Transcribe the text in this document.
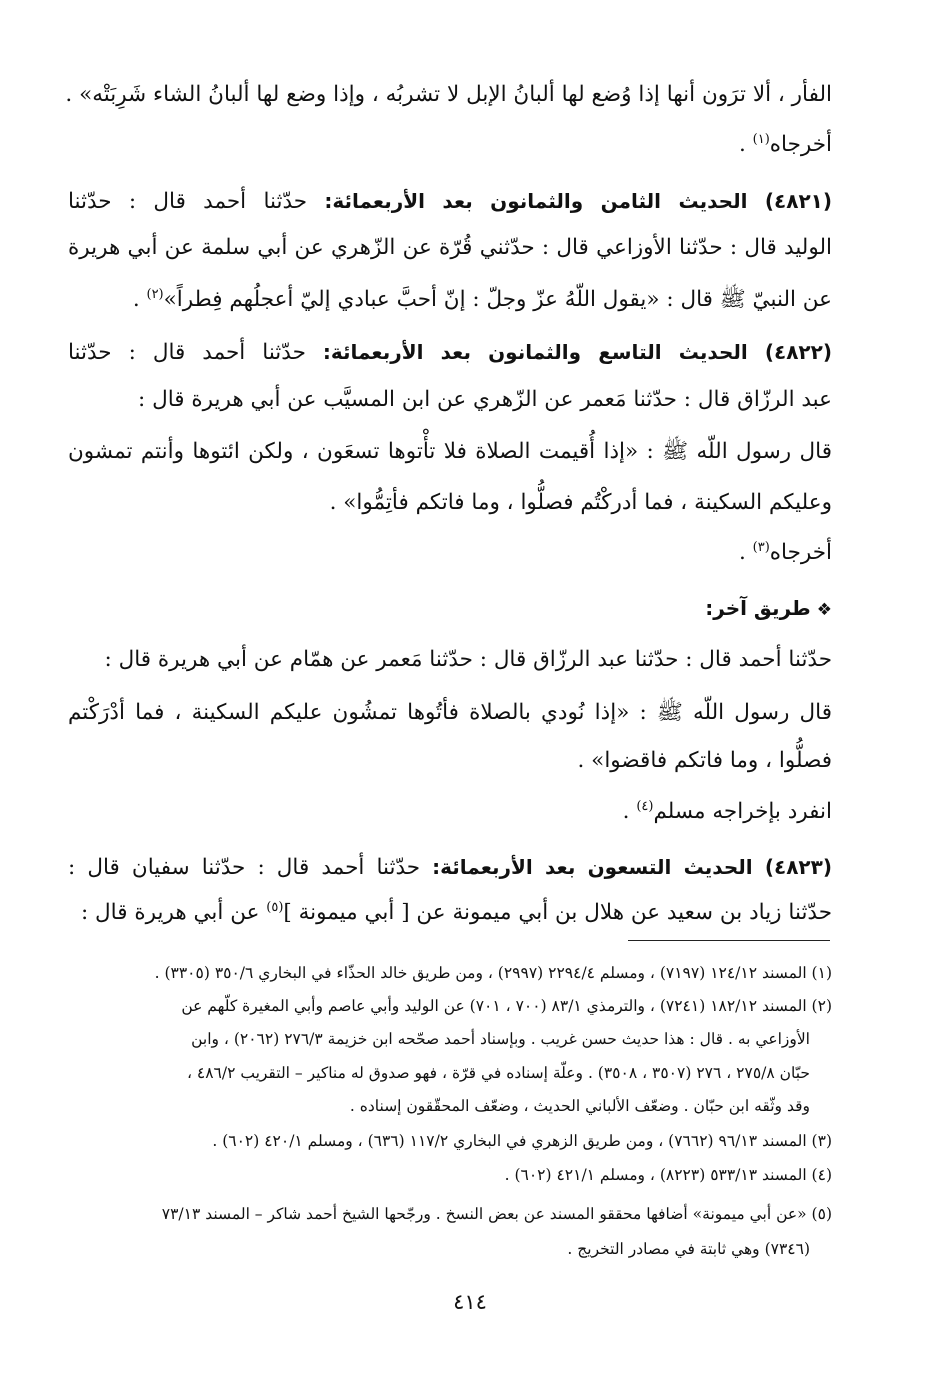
الفأر ، ألا ترَون أنها إذا وُضع لها ألبانُ الإبل لا تشربُه ، وإذا وضع لها ألبانُ الشاء شَرِبَتْه» .
أخرجاه$^{(١)}$ .
(٤٨٢١) الحديث الثامن والثمانون بعد الأربعمائة: حدّثنا أحمد قال : حدّثنا
الوليد قال : حدّثنا الأوزاعي قال : حدّثني قُرّة عن الزّهري عن أبي سلمة عن أبي هريرة
عن النبيّ ﷺ قال : «يقول اللّهُ عزّ وجلّ : إنّ أحبَّ عبادي إليّ أعجلُهم فِطراً»$^{(٢)}$ .
(٤٨٢٢) الحديث التاسع والثمانون بعد الأربعمائة: حدّثنا أحمد قال : حدّثنا
عبد الرزّاق قال : حدّثنا مَعمر عن الزّهري عن ابن المسيَّب عن أبي هريرة قال :
قال رسول اللّه ﷺ : «إذا أُقيمت الصلاة فلا تأْتوها تسعَون ، ولكن ائتوها وأنتم تمشون
وعليكم السكينة ، فما أدركْتُم فصلُّوا ، وما فاتكم فأتِمُّوا» .
أخرجاه$^{(٣)}$ .
❖طريق آخر:
حدّثنا أحمد قال : حدّثنا عبد الرزّاق قال : حدّثنا مَعمر عن همّام عن أبي هريرة قال :
قال رسول اللّه ﷺ : «إذا نُودي بالصلاة فأتُوها تمشُون عليكم السكينة ، فما أدْرَكْتم
فصلُّوا ، وما فاتكم فاقضوا» .
انفرد بإخراجه مسلم$^{(٤)}$ .
(٤٨٢٣) الحديث التسعون بعد الأربعمائة: حدّثنا أحمد قال : حدّثنا سفيان قال :
حدّثنا زياد بن سعيد عن هلال بن أبي ميمونة عن [ أبي ميمونة ]$^{(٥)}$ عن أبي هريرة قال :
(١) المسند ١٢٤/١٢ (٧١٩٧) ، ومسلم ٢٢٩٤/٤ (٢٩٩٧) ، ومن طريق خالد الحذّاء في البخاري ٣٥٠/٦ (٣٣٠٥) .
(٢) المسند ١٨٢/١٢ (٧٢٤١) ، والترمذي ٨٣/١ (٧٠٠ ، ٧٠١) عن الوليد وأبي عاصم وأبي المغيرة كلّهم عن
الأوزاعي به . قال : هذا حديث حسن غريب . وبإسناد أحمد صحّحه ابن خزيمة ٢٧٦/٣ (٢٠٦٢) ، وابن
حبّان ٢٧٥/٨ ، ٢٧٦ (٣٥٠٧ ، ٣٥٠٨) . وعلّة إسناده في قرّة ، فهو صدوق له مناكير – التقريب ٤٨٦/٢ ،
وقد وثّقه ابن حبّان . وضعّف الألباني الحديث ، وضعّف المحقّقون إسناده .
(٣) المسند ٩٦/١٣ (٧٦٦٢) ، ومن طريق الزهري في البخاري ١١٧/٢ (٦٣٦) ، ومسلم ٤٢٠/١ (٦٠٢) .
(٤) المسند ٥٣٣/١٣ (٨٢٢٣) ، ومسلم ٤٢١/١ (٦٠٢) .
(٥) «عن أبي ميمونة» أضافها محققو المسند عن بعض النسخ . ورجّحها الشيخ أحمد شاكر – المسند ٧٣/١٣
(٧٣٤٦) وهي ثابتة في مصادر التخريج .
٤١٤
